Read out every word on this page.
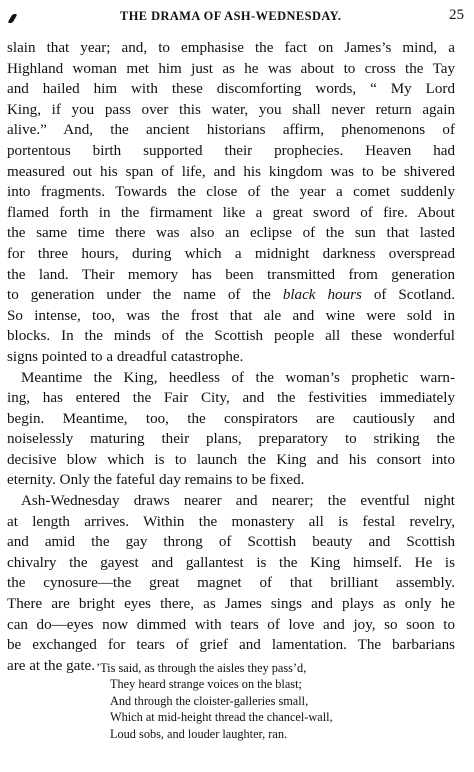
THE DRAMA OF ASH-WEDNESDAY.	25
slain that year; and, to emphasise the fact on James’s mind, a
Highland woman met him just as he was about to cross the Tay
and hailed him with these discomforting words, “ My Lord
King, if you pass over this water, you shall never return again
alive.” And, the ancient historians affirm, phenomenons of
portentous birth supported their prophecies. Heaven had
measured out his span of life, and his kingdom was to be shivered
into fragments. Towards the close of the year a comet suddenly
flamed forth in the firmament like a great sword of fire. About
the same time there was also an eclipse of the sun that lasted
for three hours, during which a midnight darkness overspread
the land. Their memory has been transmitted from generation
to generation under the name of the black hours of Scotland.
So intense, too, was the frost that ale and wine were sold in
blocks. In the minds of the Scottish people all these wonderful
signs pointed to a dreadful catastrophe.
Meantime the King, heedless of the woman’s prophetic warn-
ing, has entered the Fair City, and the festivities immediately
begin. Meantime, too, the conspirators are cautiously and
noiselessly maturing their plans, preparatory to striking the
decisive blow which is to launch the King and his consort into
eternity. Only the fateful day remains to be fixed.
Ash-Wednesday draws nearer and nearer; the eventful night
at length arrives. Within the monastery all is festal revelry,
and amid the gay throng of Scottish beauty and Scottish
chivalry the gayest and gallantest is the King himself. He is
the cynosure—the great magnet of that brilliant assembly.
There are bright eyes there, as James sings and plays as only he
can do—eyes now dimmed with tears of love and joy, so soon to
be exchanged for tears of grief and lamentation. The barbarians
are at the gate. ’Tis said, as through the aisles they pass’d,
They heard strange voices on the blast;
And through the cloister-galleries small,
Which at mid-height thread the chancel-wall,
Loud sobs, and louder laughter, ran.
